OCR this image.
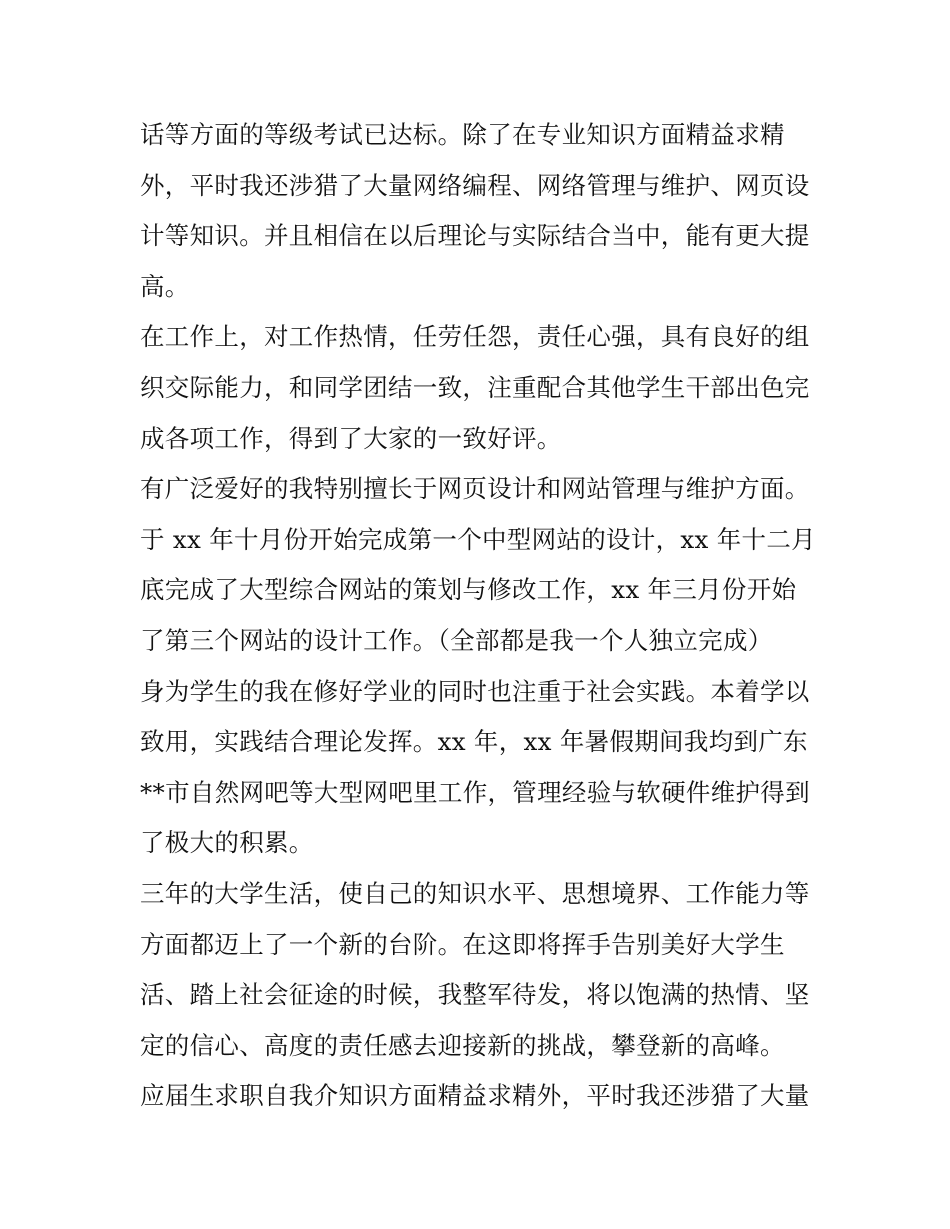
话等方面的等级考试已达标。除了在专业知识方面精益求精
外，平时我还涉猎了大量网络编程、网络管理与维护、网页设
计等知识。并且相信在以后理论与实际结合当中，能有更大提
高。
在工作上，对工作热情，任劳任怨，责任心强，具有良好的组
织交际能力，和同学团结一致，注重配合其他学生干部出色完
成各项工作，得到了大家的一致好评。
有广泛爱好的我特别擅长于网页设计和网站管理与维护方面。
于 xx 年十月份开始完成第一个中型网站的设计，xx 年十二月
底完成了大型综合网站的策划与修改工作，xx 年三月份开始
了第三个网站的设计工作。（全部都是我一个人独立完成）
身为学生的我在修好学业的同时也注重于社会实践。本着学以
致用，实践结合理论发挥。xx 年，xx 年暑假期间我均到广东
**市自然网吧等大型网吧里工作，管理经验与软硬件维护得到
了极大的积累。
三年的大学生活，使自己的知识水平、思想境界、工作能力等
方面都迈上了一个新的台阶。在这即将挥手告别美好大学生
活、踏上社会征途的时候，我整军待发，将以饱满的热情、坚
定的信心、高度的责任感去迎接新的挑战，攀登新的高峰。
应届生求职自我介知识方面精益求精外，平时我还涉猎了大量
